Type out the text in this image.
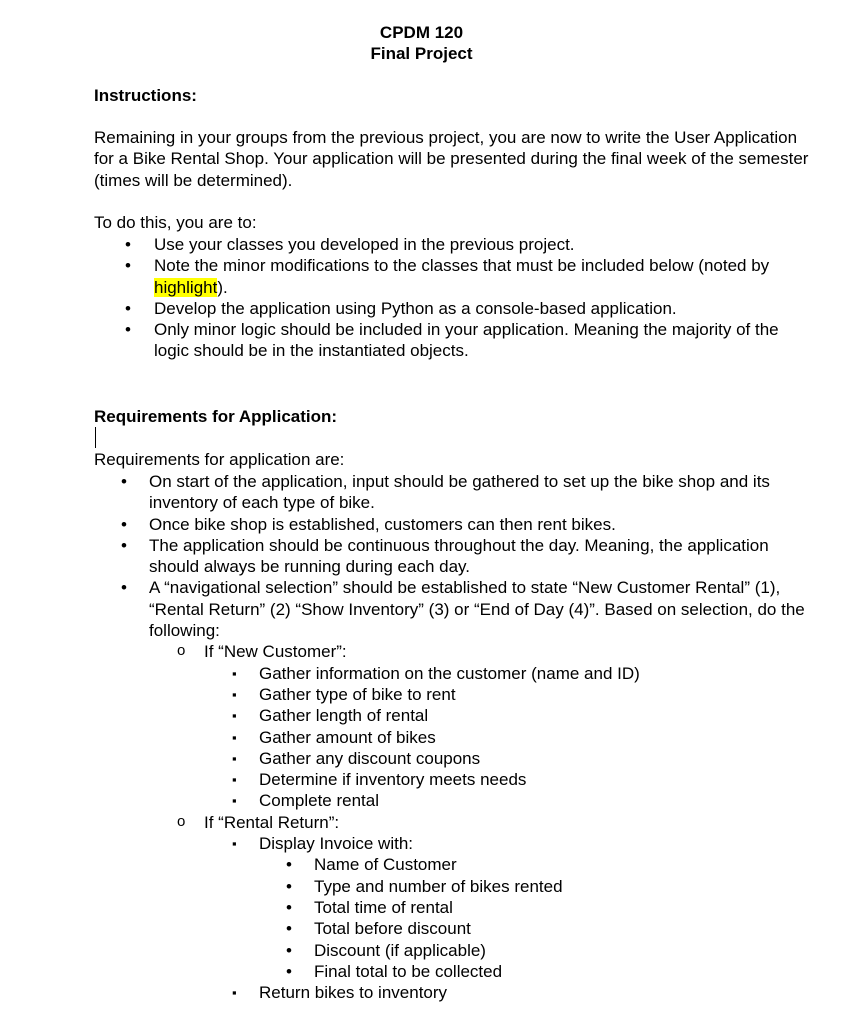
CPDM 120
Final Project
Instructions:
Remaining in your groups from the previous project, you are now to write the User Application for a Bike Rental Shop. Your application will be presented during the final week of the semester (times will be determined).
To do this, you are to:
• Use your classes you developed in the previous project.
• Note the minor modifications to the classes that must be included below (noted by highlight).
• Develop the application using Python as a console-based application.
• Only minor logic should be included in your application. Meaning the majority of the logic should be in the instantiated objects.
Requirements for Application:
Requirements for application are:
• On start of the application, input should be gathered to set up the bike shop and its inventory of each type of bike.
• Once bike shop is established, customers can then rent bikes.
• The application should be continuous throughout the day. Meaning, the application should always be running during each day.
• A “navigational selection” should be established to state “New Customer Rental” (1), “Rental Return” (2) “Show Inventory” (3) or “End of Day (4)”. Based on selection, do the following:
o If “New Customer”:
▪ Gather information on the customer (name and ID)
▪ Gather type of bike to rent
▪ Gather length of rental
▪ Gather amount of bikes
▪ Gather any discount coupons
▪ Determine if inventory meets needs
▪ Complete rental
o If “Rental Return”:
▪ Display Invoice with:
• Name of Customer
• Type and number of bikes rented
• Total time of rental
• Total before discount
• Discount (if applicable)
• Final total to be collected
▪ Return bikes to inventory
